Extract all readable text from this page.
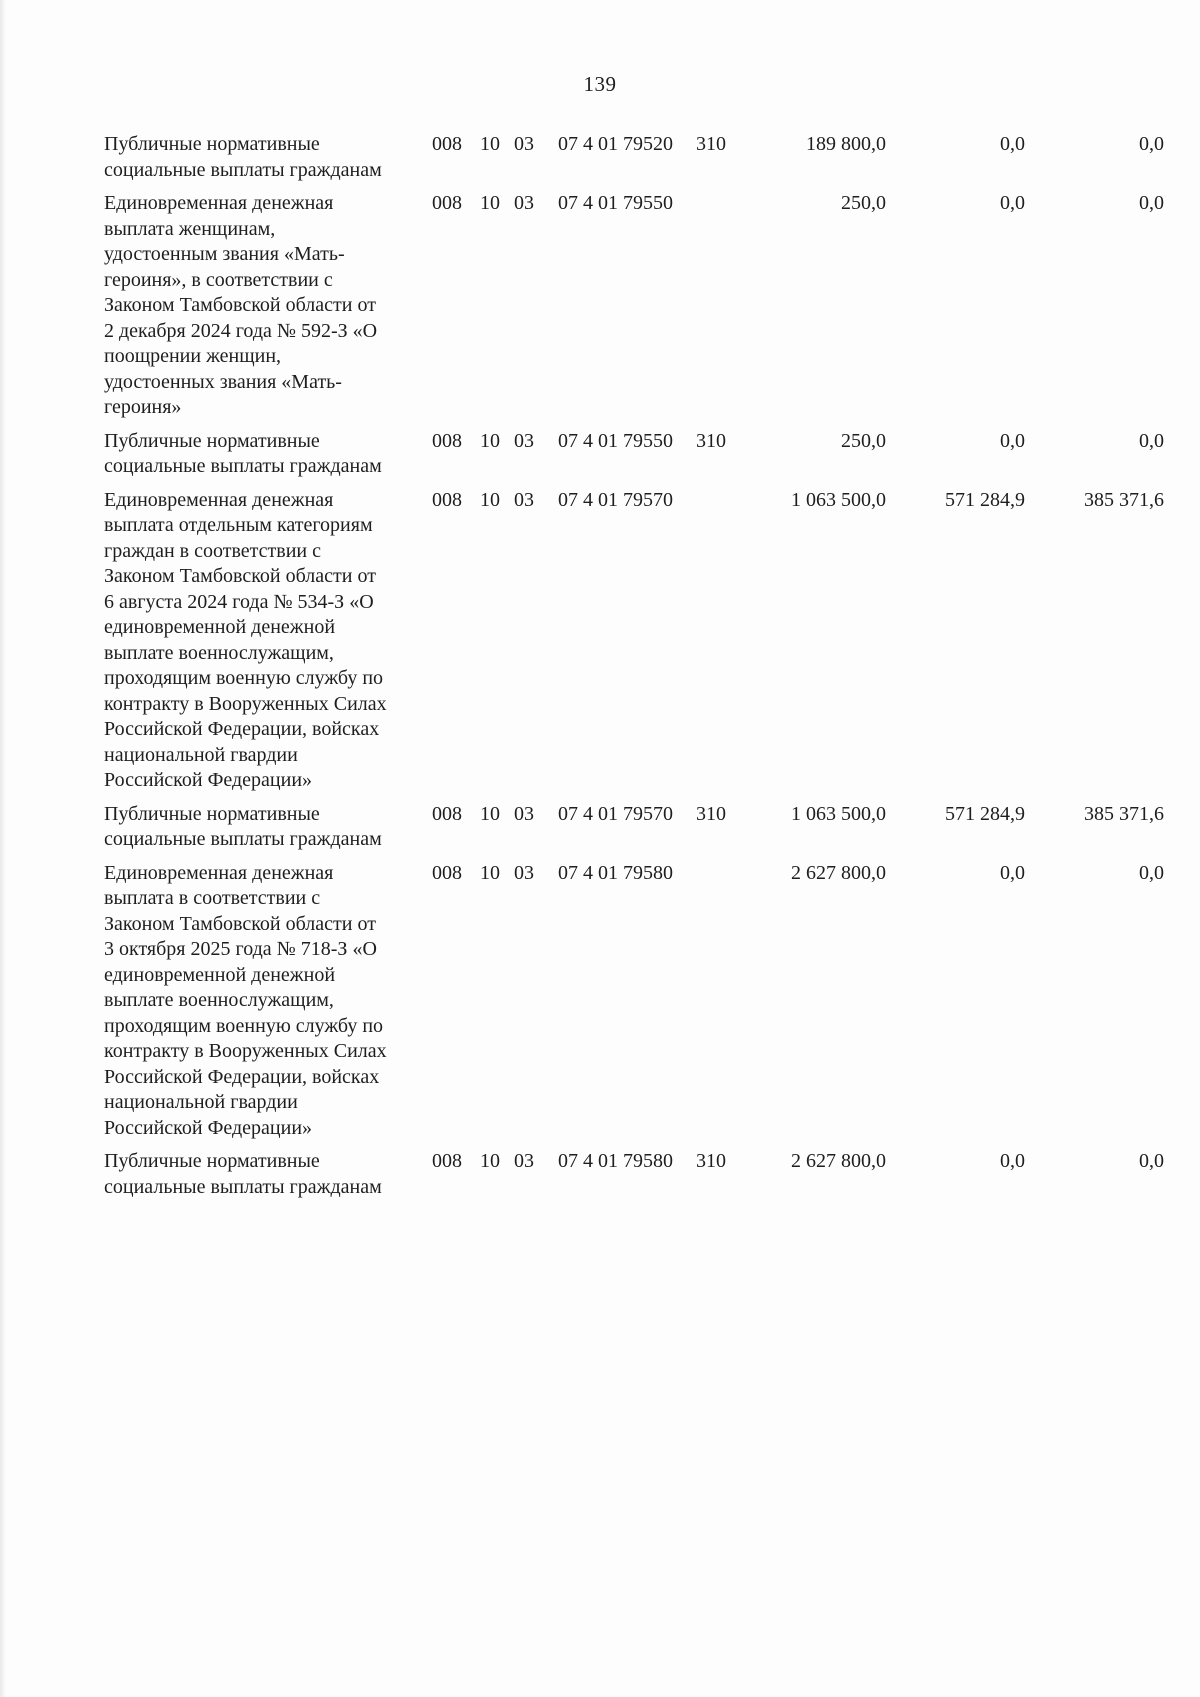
139
Публичные нормативные
социальные выплаты гражданам
008 10 03	07 4 01 79520	310	189 800,0	0,0	0,0
Единовременная денежная
выплата женщинам,
удостоенным звания «Мать-
героиня», в соответствии с
Законом Тамбовской области от
2 декабря 2024 года № 592-З «О
поощрении женщин,
удостоенных звания «Мать-
героиня»
008 10 03	07 4 01 79550	250,0	0,0	0,0
Публичные нормативные
социальные выплаты гражданам
008 10 03	07 4 01 79550	310	250,0	0,0	0,0
Единовременная денежная
выплата отдельным категориям
граждан в соответствии с
Законом Тамбовской области от
6 августа 2024 года № 534-З «О
единовременной денежной
выплате военнослужащим,
проходящим военную службу по
контракту в Вооруженных Силах
Российской Федерации, войсках
национальной гвардии
Российской Федерации»
008 10 03	07 4 01 79570	1 063 500,0	571 284,9	385 371,6
Публичные нормативные
социальные выплаты гражданам
008 10 03	07 4 01 79570	310	1 063 500,0	571 284,9	385 371,6
Единовременная денежная
выплата в соответствии с
Законом Тамбовской области от
3 октября 2025 года № 718-З «О
единовременной денежной
выплате военнослужащим,
проходящим военную службу по
контракту в Вооруженных Силах
Российской Федерации, войсках
национальной гвардии
Российской Федерации»
008 10 03	07 4 01 79580	2 627 800,0	0,0	0,0
Публичные нормативные
социальные выплаты гражданам
008 10 03	07 4 01 79580	310	2 627 800,0	0,0	0,0
